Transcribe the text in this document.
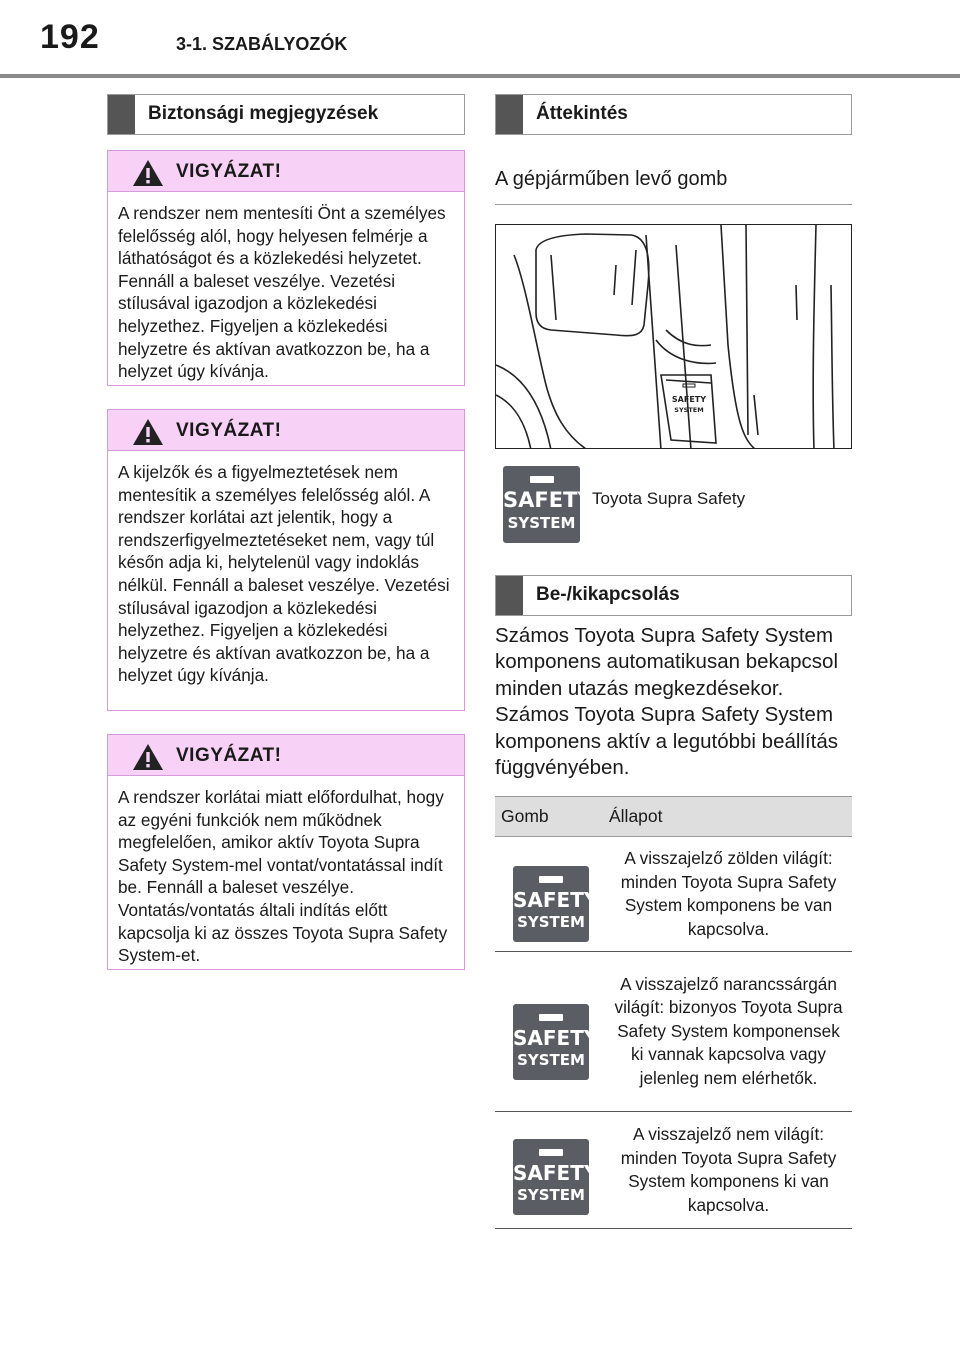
192	3-1. SZABÁLYOZÓK
Biztonsági megjegyzések
VIGYÁZAT!
A rendszer nem mentesíti Önt a személyes felelősség alól, hogy helyesen felmérje a láthatóságot és a közlekedési helyzetet. Fennáll a baleset veszélye. Vezetési stílusával igazodjon a közlekedési helyzethez. Figyeljen a közlekedési helyzetre és aktívan avatkozzon be, ha a helyzet úgy kívánja.
VIGYÁZAT!
A kijelzők és a figyelmeztetések nem mentesítik a személyes felelősség alól. A rendszer korlátai azt jelentik, hogy a rendszerfigyelmeztetéseket nem, vagy túl későn adja ki, helytelenül vagy indoklás nélkül. Fennáll a baleset veszélye. Vezetési stílusával igazodjon a közlekedési helyzethez. Figyeljen a közlekedési helyzetre és aktívan avatkozzon be, ha a helyzet úgy kívánja.
VIGYÁZAT!
A rendszer korlátai miatt előfordulhat, hogy az egyéni funkciók nem működnek megfelelően, amikor aktív Toyota Supra Safety System-mel vontat/vontatással indít be. Fennáll a baleset veszélye. Vontatás/vontatás általi indítás előtt kapcsolja ki az összes Toyota Supra Safety System-et.
Áttekintés
A gépjárműben levő gomb
SAFETY
SYSTEM
SAFETY
SYSTEM
Toyota Supra Safety
Be-/kikapcsolás
Számos Toyota Supra Safety System komponens automatikusan bekapcsol minden utazás megkezdésekor. Számos Toyota Supra Safety System komponens aktív a legutóbbi beállítás függvényében.
Gomb	Állapot

SAFETY
SYSTEM	A visszajelző zölden világít: minden Toyota Supra Safety System komponens be van kapcsolva.

SAFETY
SYSTEM	A visszajelző narancssárgán világít: bizonyos Toyota Supra Safety System komponensek ki vannak kapcsolva vagy jelenleg nem elérhetők.

SAFETY
SYSTEM	A visszajelző nem világít: minden Toyota Supra Safety System komponens ki van kapcsolva.
